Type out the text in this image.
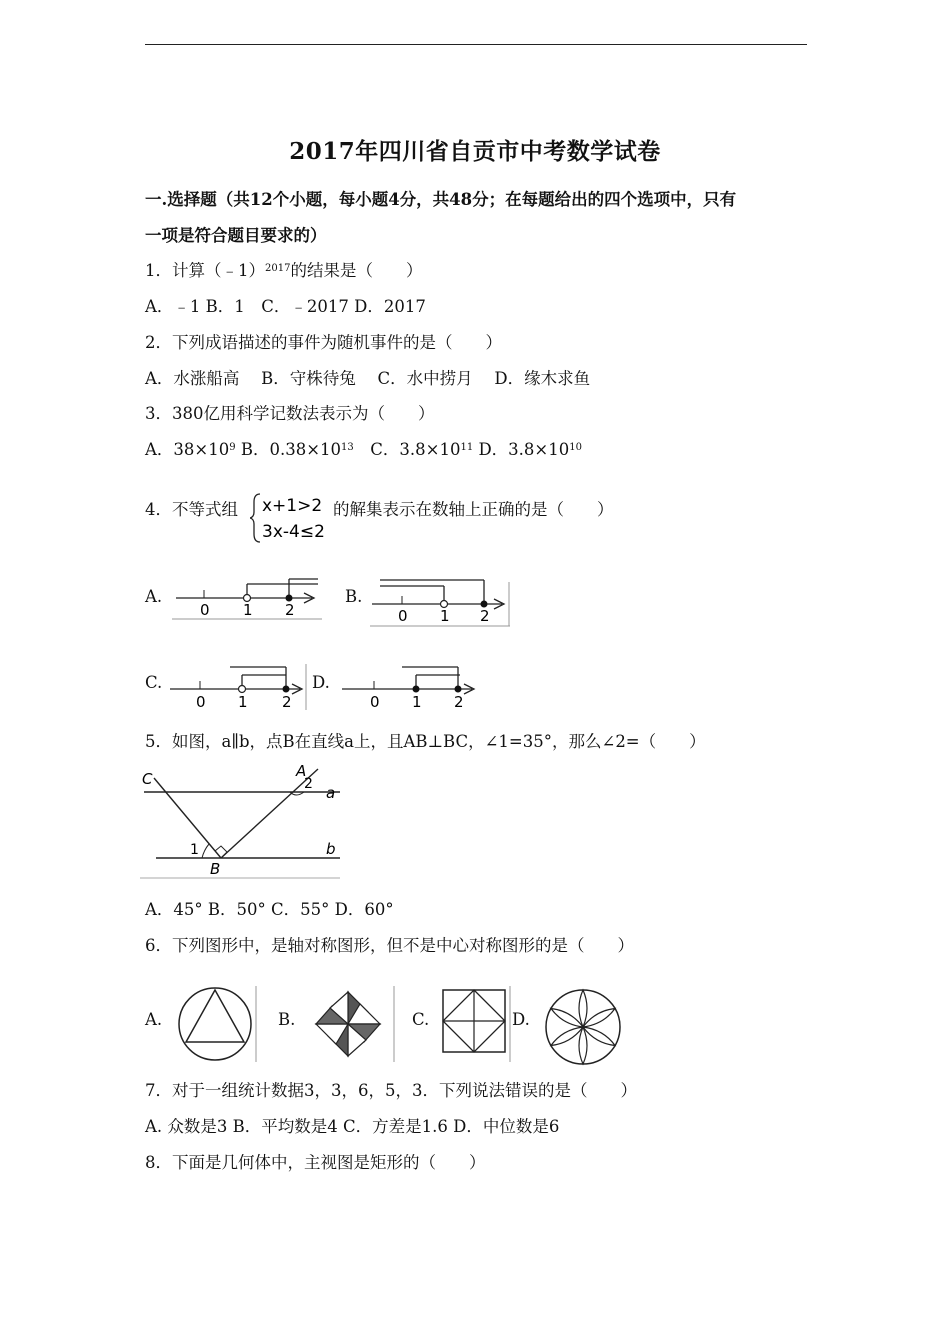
2017年四川省自贡市中考数学试卷
一.选择题（共12个小题，每小题4分，共48分；在每题给出的四个选项中，只有
一项是符合题目要求的）
1．计算（﹣1）$^{2017}$的结果是（　　）
A．﹣1 B．1　C．﹣2017 D．2017
2．下列成语描述的事件为随机事件的是（　　）
A．水涨船高　 B．守株待兔　 C．水中捞月　 D．缘木求鱼
3．380亿用科学记数法表示为（　　）
A．$38\times 10^9$ B．$0.38\times 10^{13}$　C．$3.8\times 10^{11}$ D．$3.8\times 10^{10}$
4．不等式组 x+1>2
3x-4≤2
的解集表示在数轴上正确的是（　　）
A.
0 1 2
B.
0 1 2
C.
0 1 2
D.
0 1 2
5．如图，a∥b，点B在直线a上，且AB⊥BC，∠1=35°，那么∠2=（　　）
C	A
a
b
B
1
2
A．45° B．50° C．55° D．60°
6．下列图形中，是轴对称图形，但不是中心对称图形的是（　　）
A.	B.	C.	D.
7．对于一组统计数据3，3，6，5，3．下列说法错误的是（　　）
A. 众数是3 B．平均数是4 C．方差是1.6 D．中位数是6
8．下面是几何体中，主视图是矩形的（　　）
